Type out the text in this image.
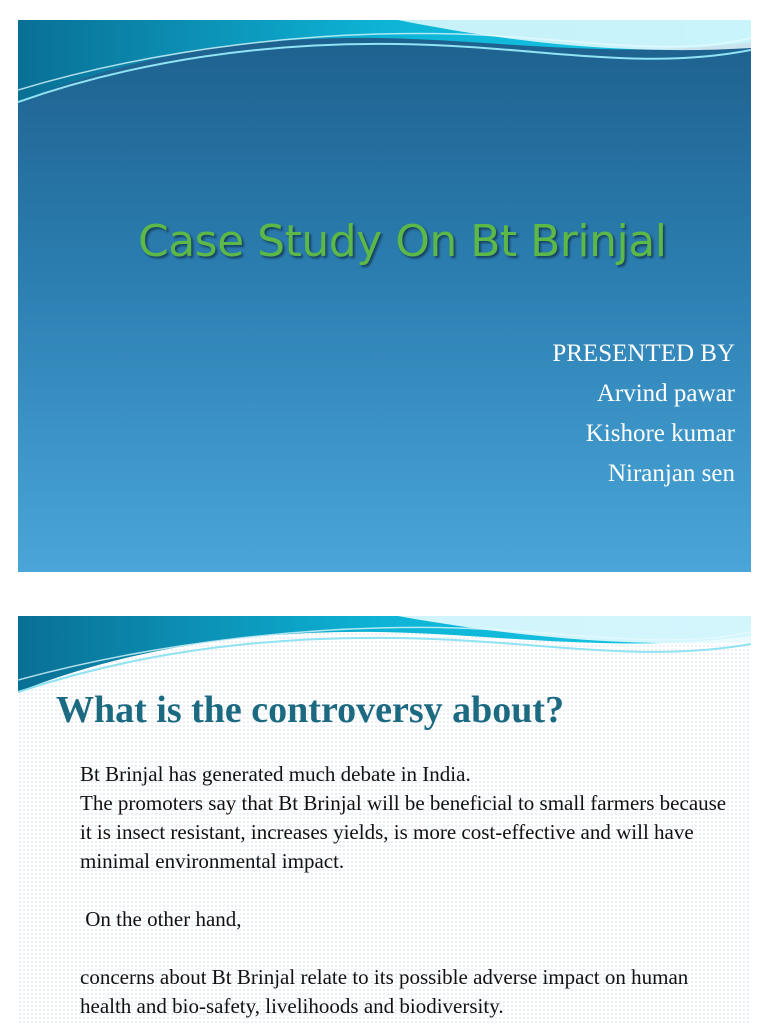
Case Study On Bt Brinjal
PRESENTED BY
Arvind pawar
Kishore kumar
Niranjan sen
What is the controversy about?

Bt Brinjal has generated much debate in India.

The promoters say that Bt Brinjal will be beneficial to small farmers because it is insect resistant, increases yields, is more cost-effective and will have minimal environmental impact.

On the other hand,

concerns about Bt Brinjal relate to its possible adverse impact on human health and bio-safety, livelihoods and biodiversity.
